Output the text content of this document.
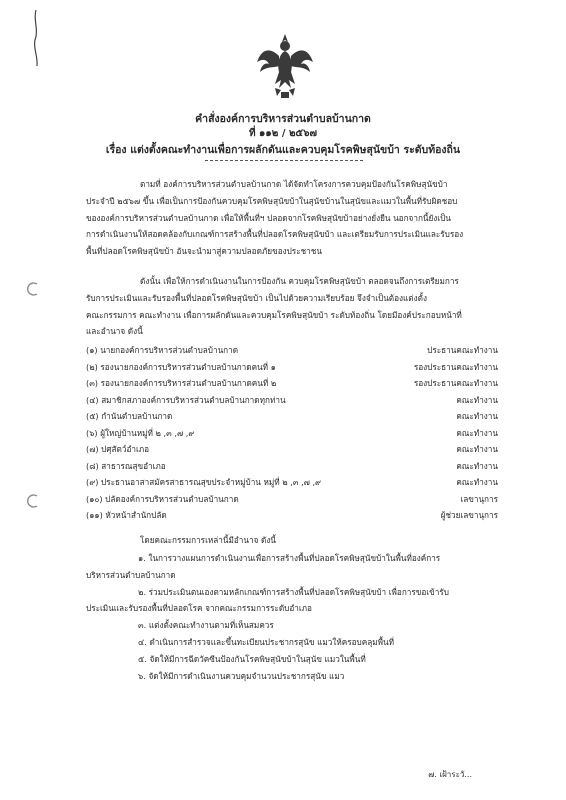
คำสั่งองค์การบริหารส่วนตำบลบ้านกาด
ที่ ๑๑๒ / ๒๕๖๗
เรื่อง แต่งตั้งคณะทำงานเพื่อการผลักดันและควบคุมโรคพิษสุนัขบ้า ระดับท้องถิ่น
ตามที่ องค์การบริหารส่วนตำบลบ้านกาด ได้จัดทำโครงการควบคุมป้องกันโรคพิษสุนัขบ้า
ประจำปี ๒๕๖๗ ขึ้น เพื่อเป็นการป้องกันควบคุมโรคพิษสุนัขบ้าในสุนัขบ้านในสุนัขและแมวในพื้นที่รับผิดชอบ
ขององค์การบริหารส่วนตำบลบ้านกาด เพื่อให้พื้นที่ฯ ปลอดจากโรคพิษสุนัขบ้าอย่างยั่งยืน นอกจากนี้ยังเป็น
การดำเนินงานให้สอดคล้องกับเกณฑ์การสร้างพื้นที่ปลอดโรคพิษสุนัขบ้า และเตรียมรับการประเมินและรับรอง
พื้นที่ปลอดโรคพิษสุนัขบ้า อันจะนำมาสู่ความปลอดภัยของประชาชน
ดังนั้น เพื่อให้การดำเนินงานในการป้องกัน ควบคุมโรคพิษสุนัขบ้า ตลอดจนถึงการเตรียมการ
รับการประเมินและรับรองพื้นที่ปลอดโรคพิษสุนัขบ้า เป็นไปด้วยความเรียบร้อย จึงจำเป็นต้องแต่งตั้ง
คณะกรรมการ คณะทำงาน เพื่อการผลักดันและควบคุมโรคพิษสุนัขบ้า ระดับท้องถิ่น โดยมีองค์ประกอบหน้าที่
และอำนาจ ดังนี้
(๑) นายกองค์การบริหารส่วนตำบลบ้านกาด	ประธานคณะทำงาน
(๒) รองนายกองค์การบริหารส่วนตำบลบ้านกาดคนที่ ๑	รองประธานคณะทำงาน
(๓) รองนายกองค์การบริหารส่วนตำบลบ้านกาดคนที่ ๒	รองประธานคณะทำงาน
(๔) สมาชิกสภาองค์การบริหารส่วนตำบลบ้านกาดทุกท่าน	คณะทำงาน
(๕) กำนันตำบลบ้านกาด	คณะทำงาน
(๖) ผู้ใหญ่บ้านหมู่ที่ ๒ ,๓ ,๗ ,๙	คณะทำงาน
(๗) ปศุสัตว์อำเภอ	คณะทำงาน
(๘) สาธารณสุขอำเภอ	คณะทำงาน
(๙) ประธานอาสาสมัครสาธารณสุขประจำหมู่บ้าน หมู่ที่ ๒ ,๓ ,๗ ,๙	คณะทำงาน
(๑๐) ปลัดองค์การบริหารส่วนตำบลบ้านกาด	เลขานุการ
(๑๑) หัวหน้าสำนักปลัด	ผู้ช่วยเลขานุการ
โดยคณะกรรมการเหล่านี้มีอำนาจ ดังนี้
๑. ในการวางแผนการดำเนินงานเพื่อการสร้างพื้นที่ปลอดโรคพิษสุนัขบ้าในพื้นที่องค์การ
บริหารส่วนตำบลบ้านกาด
๒. ร่วมประเมินตนเองตามหลักเกณฑ์การสร้างพื้นที่ปลอดโรคพิษสุนัขบ้า เพื่อการขอเข้ารับ
ประเมินและรับรองพื้นที่ปลอดโรค จากคณะกรรมการระดับอำเภอ
๓. แต่งตั้งคณะทำงานตามที่เห็นสมควร
๔. ดำเนินการสำรวจและขึ้นทะเบียนประชากรสุนัข แมวให้ครอบคลุมพื้นที่
๕. จัดให้มีการฉีดวัคซีนป้องกันโรคพิษสุนัขบ้าในสุนัข แมวในพื้นที่
๖. จัดให้มีการดำเนินงานควบคุมจำนวนประชากรสุนัข แมว
๗. เฝ้าระวั...
